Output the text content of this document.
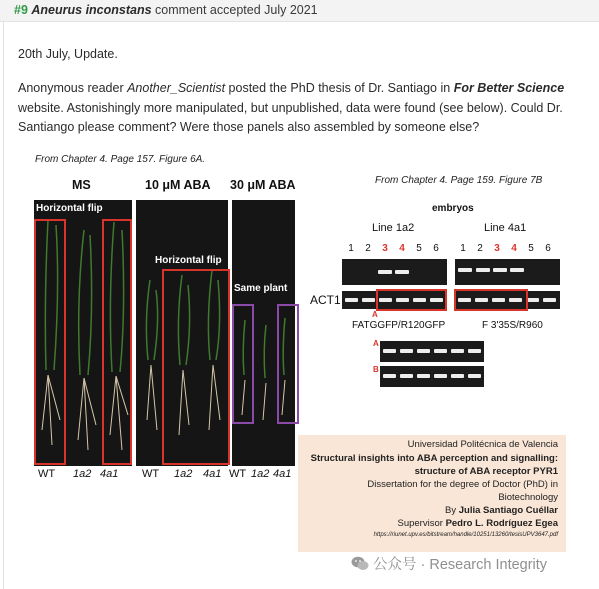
#9 Aneurus inconstans comment accepted July 2021
20th July, Update.
Anonymous reader Another_Scientist posted the PhD thesis of Dr. Santiago in For Better Science website. Astonishingly more manipulated, but unpublished, data were found (see below). Could Dr. Santiango please comment? Were those panels also assembled by someone else?
From Chapter 4. Page 157. Figure 6A.
From Chapter 4. Page 159. Figure 7B
MS	10 μM ABA 30 μM ABA
Horizontal flip
Horizontal flip
Same plant
WT 1a2 4a1 WT 1a2 4a1 WT 1a2 4a1
embryos
Line 1a2	Line 4a1
1	2	3	4	5	6	1	2	3	4	5	6
ACT1
A
FATGGFP/R120GFP	F 3'35S/R960
A
B
Universidad Politécnica de Valencia
Structural insights into ABA perception and signalling:
structure of ABA receptor PYR1
Dissertation for the degree of Doctor (PhD) in
Biotechnology
By Julia Santiago Cuéllar
Supervisor Pedro L. Rodríguez Egea
https://riunet.upv.es/bitstream/handle/10251/13260/tesisUPV3647.pdf
公众号 · Research Integrity
